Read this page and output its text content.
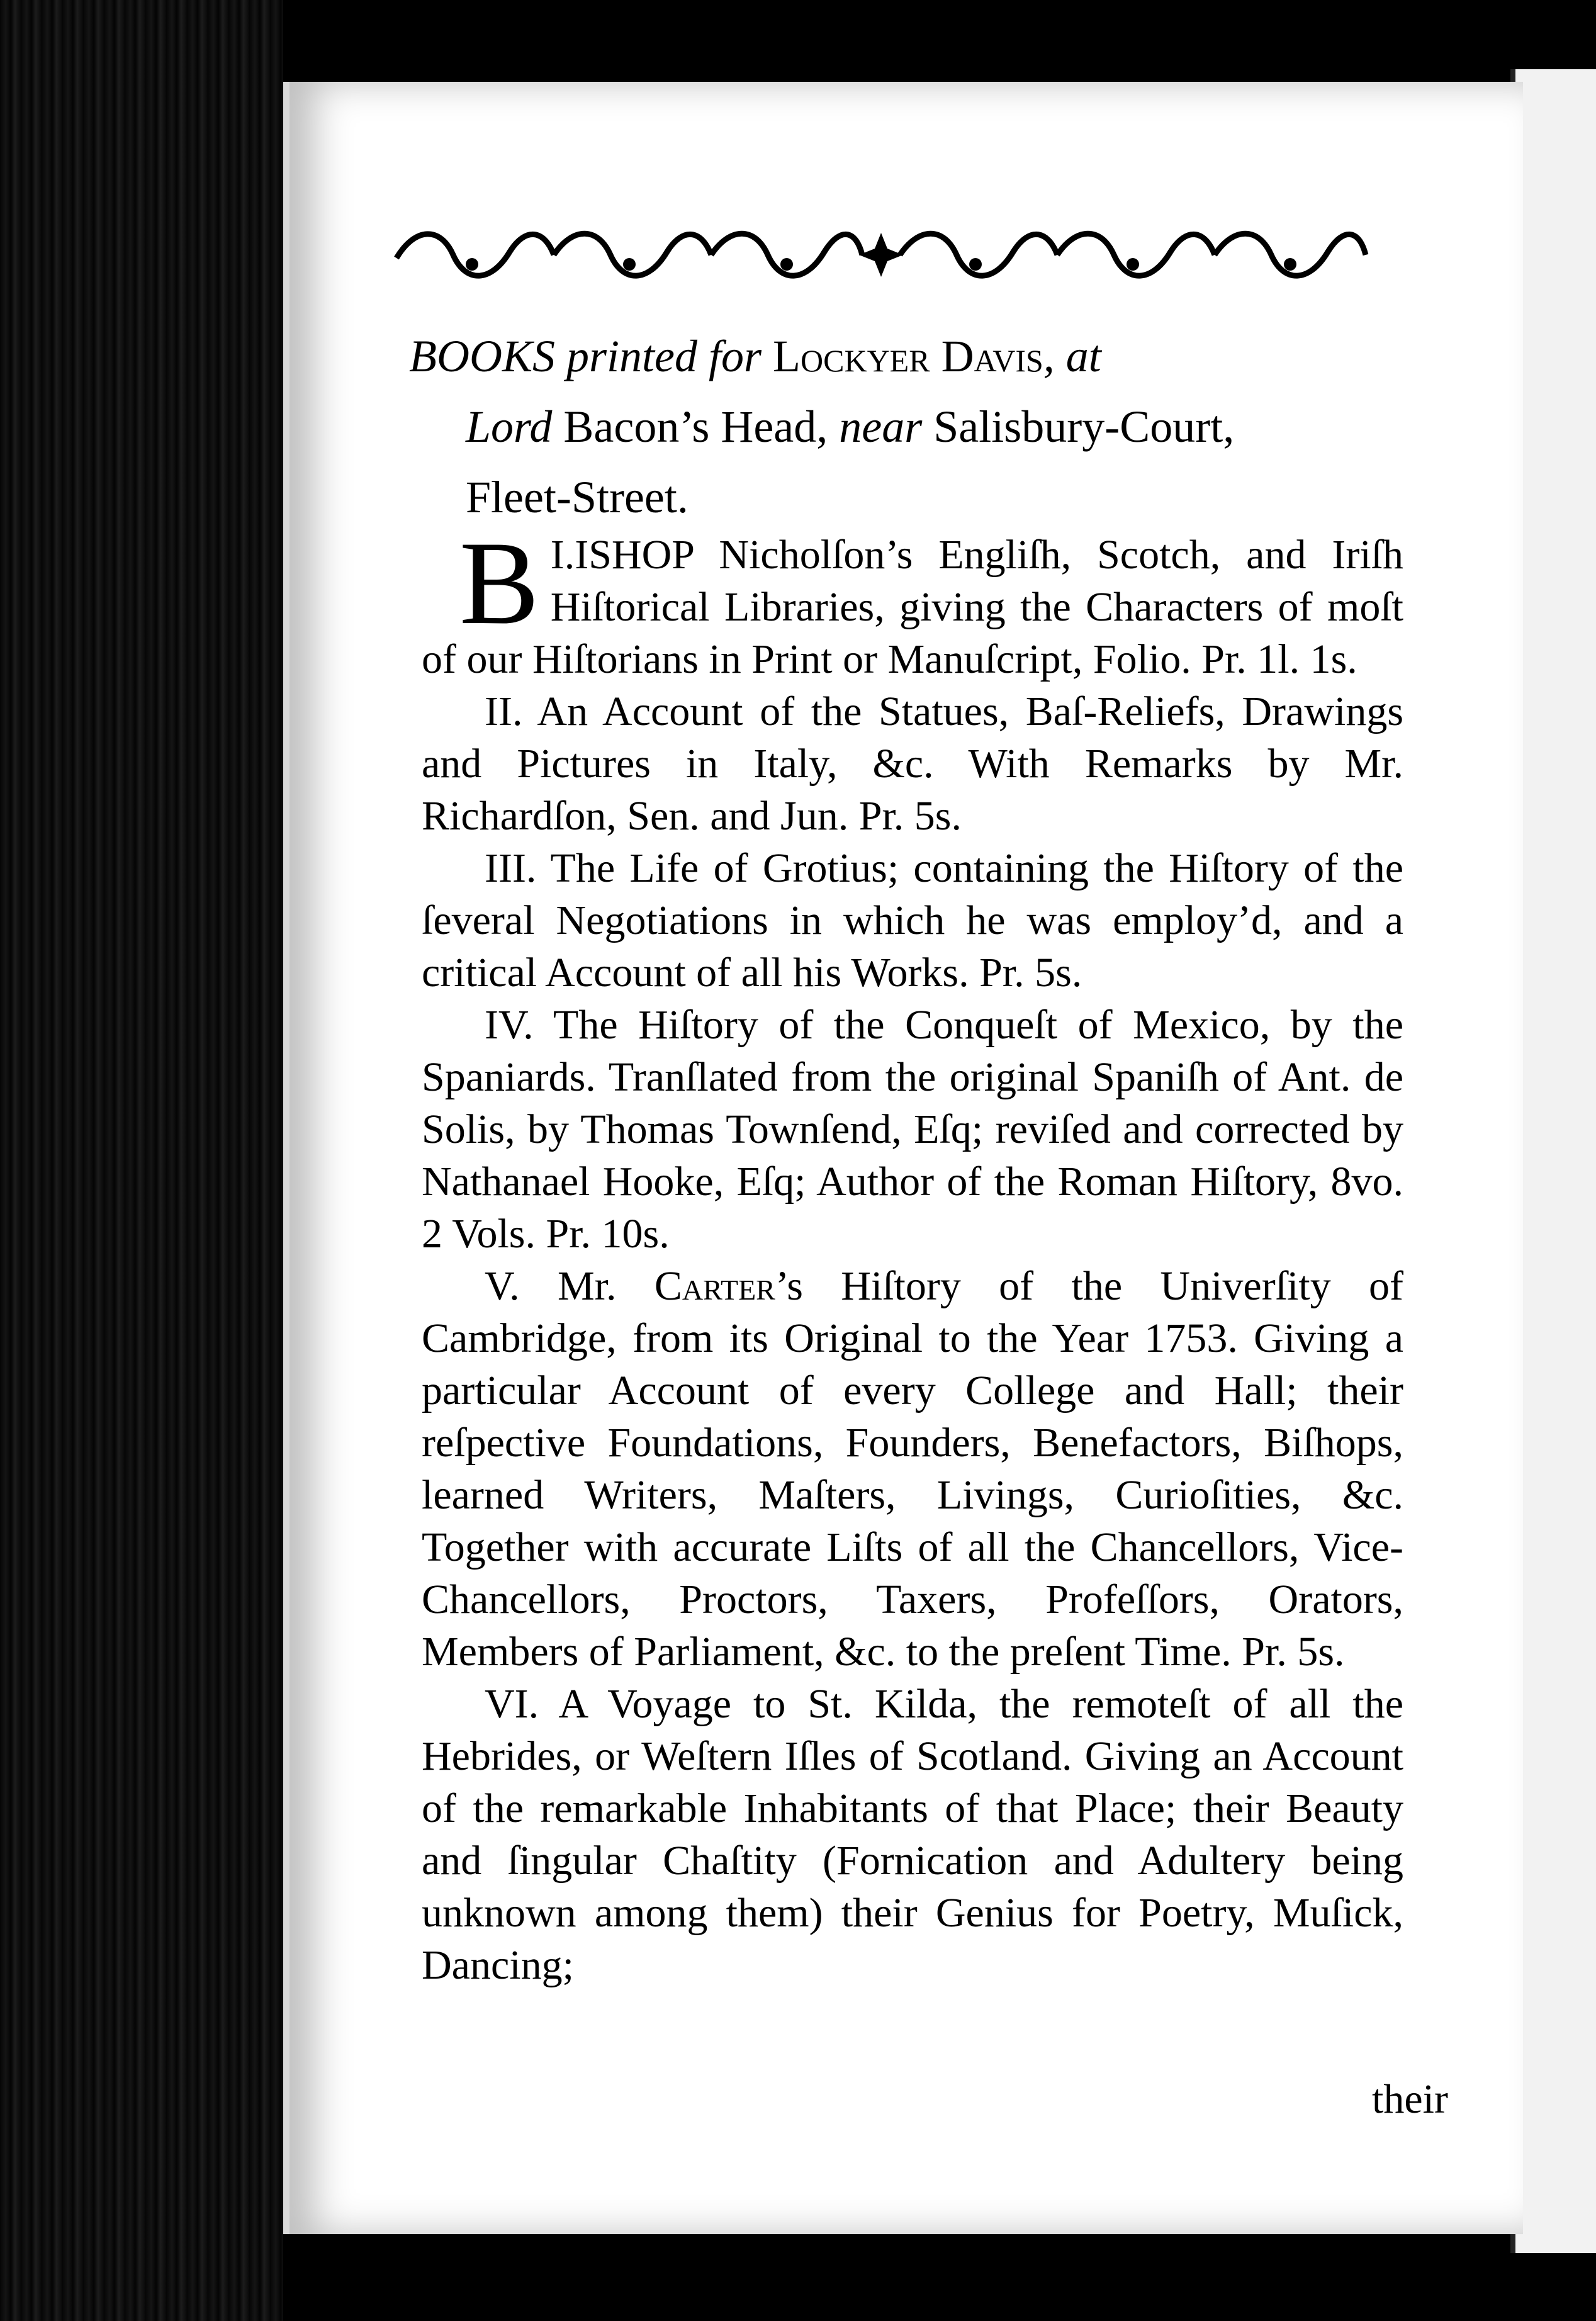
BOOKS printed for Lockyer Davis, at
Lord Bacon’s Head, near Salisbury-Court,
Fleet-Street.

I.
B ISHOP Nicholſon’s Engliſh, Scotch, and Iriſh Hiſtorical Libraries, giving the Characters of moſt of our Hiſtorians in Print or Manuſcript, Folio. Pr. 1l. 1s.

II. An Account of the Statues, Baſ-Reliefs, Drawings and Pictures in Italy, &c. With Remarks by Mr. Richardſon, Sen. and Jun. Pr. 5s.

III. The Life of Grotius; containing the Hiſtory of the ſeveral Negotiations in which he was employ’d, and a critical Account of all his Works. Pr. 5s.

IV. The Hiſtory of the Conqueſt of Mexico, by the Spaniards. Tranſlated from the original Spaniſh of Ant. de Solis, by Thomas Townſend, Eſq; reviſed and corrected by Nathanael Hooke, Eſq; Author of the Roman Hiſtory, 8vo. 2 Vols. Pr. 10s.

V. Mr. Carter’s Hiſtory of the Univerſity of Cambridge, from its Original to the Year 1753. Giving a particular Account of every College and Hall; their reſpective Foundations, Founders, Benefactors, Biſhops, learned Writers, Maſters, Livings, Curioſities, &c. Together with accurate Liſts of all the Chancellors, Vice-Chancellors, Proctors, Taxers, Profeſſors, Orators, Members of Parliament, &c. to the preſent Time. Pr. 5s.

VI. A Voyage to St. Kilda, the remoteſt of all the Hebrides, or Weſtern Iſles of Scotland. Giving an Account of the remarkable Inhabitants of that Place; their Beauty and ſingular Chaſtity (Fornication and Adultery being unknown among them) their Genius for Poetry, Muſick, Dancing;

their
